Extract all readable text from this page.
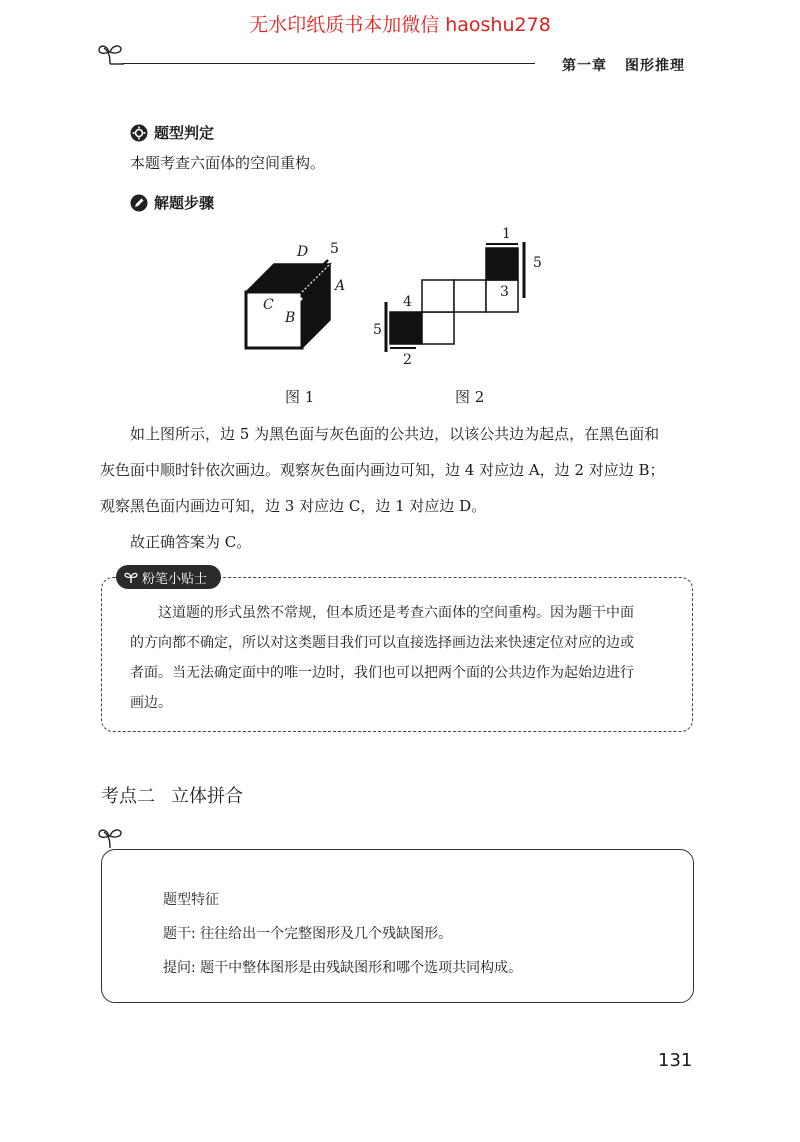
无水印纸质书本加微信 haoshu278
第一章 图形推理
题型判定
本题考查六面体的空间重构。
解题步骤
D 5
A
C
B
1
5
3
4
5
2
图 1	图 2
如上图所示，边 5 为黑色面与灰色面的公共边，以该公共边为起点，在黑色面和
灰色面中顺时针依次画边。观察灰色面内画边可知，边 4 对应边 A，边 2 对应边 B；
观察黑色面内画边可知，边 3 对应边 C，边 1 对应边 D。
故正确答案为 C。
粉笔小贴士
这道题的形式虽然不常规，但本质还是考查六面体的空间重构。因为题干中面
的方向都不确定，所以对这类题目我们可以直接选择画边法来快速定位对应的边或
者面。当无法确定面中的唯一边时，我们也可以把两个面的公共边作为起始边进行
画边。
考点二 立体拼合
题型特征
题干: 往往给出一个完整图形及几个残缺图形。
提问: 题干中整体图形是由残缺图形和哪个选项共同构成。
131
